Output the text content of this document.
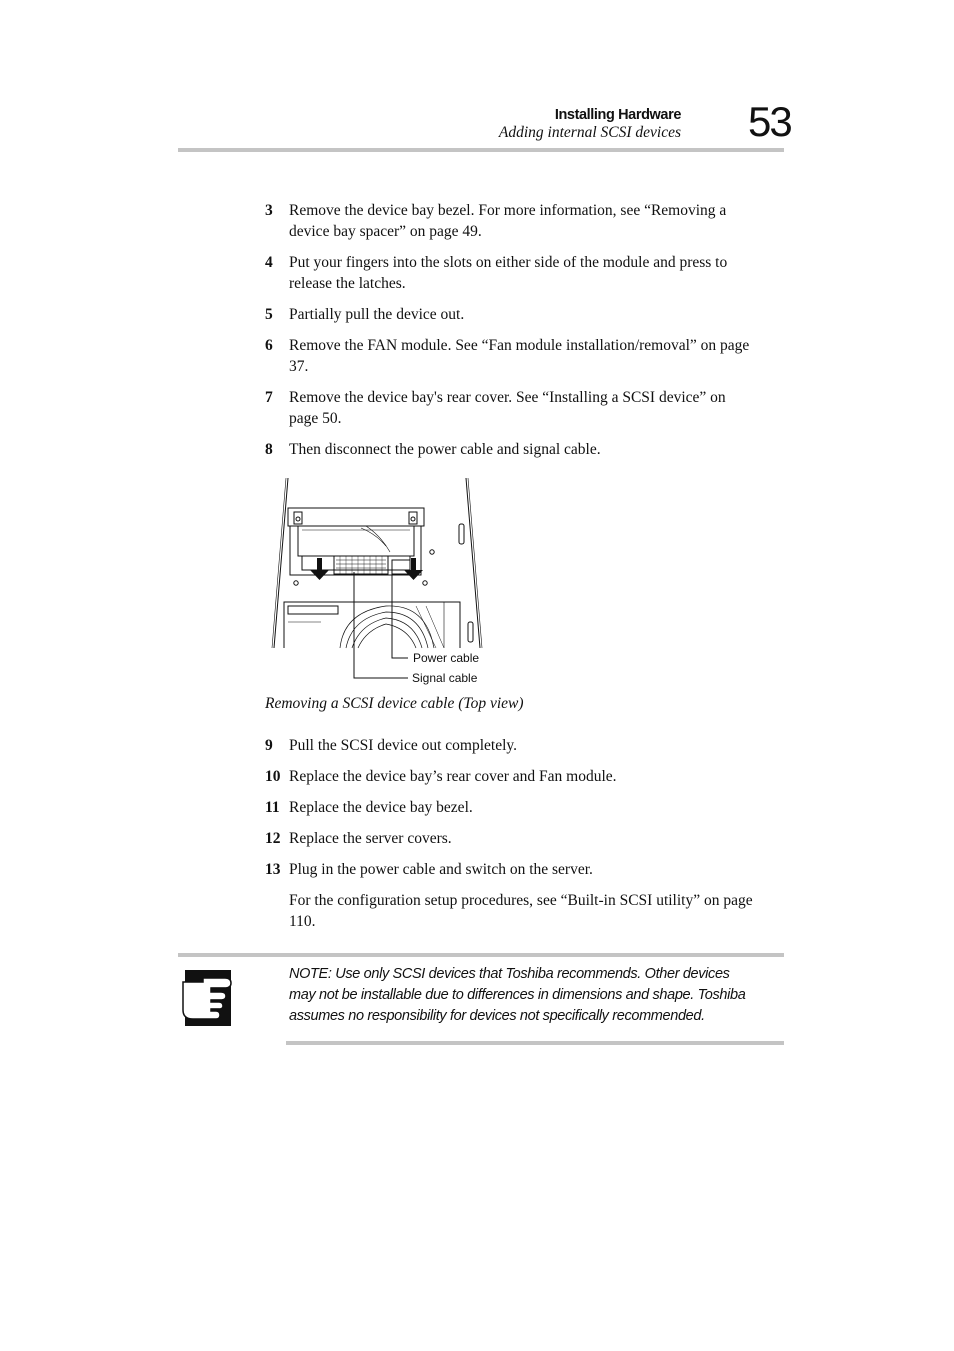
Installing Hardware
Adding internal SCSI devices 53
3 Remove the device bay bezel. For more information, see “Removing a device bay spacer” on page 49.
4 Put your fingers into the slots on either side of the module and press to release the latches.
5 Partially pull the device out.
6 Remove the FAN module. See “Fan module installation/removal” on page 37.
7 Remove the device bay's rear cover. See “Installing a SCSI device” on page 50.
8 Then disconnect the power cable and signal cable.
Power cable
Signal cable
Removing a SCSI device cable (Top view)
9 Pull the SCSI device out completely.
10 Replace the device bay’s rear cover and Fan module.
11 Replace the device bay bezel.
12 Replace the server covers.
13 Plug in the power cable and switch on the server.
For the configuration setup procedures, see “Built-in SCSI utility” on page 110.
NOTE: Use only SCSI devices that Toshiba recommends. Other devices may not be installable due to differences in dimensions and shape. Toshiba assumes no responsibility for devices not specifically recommended.
